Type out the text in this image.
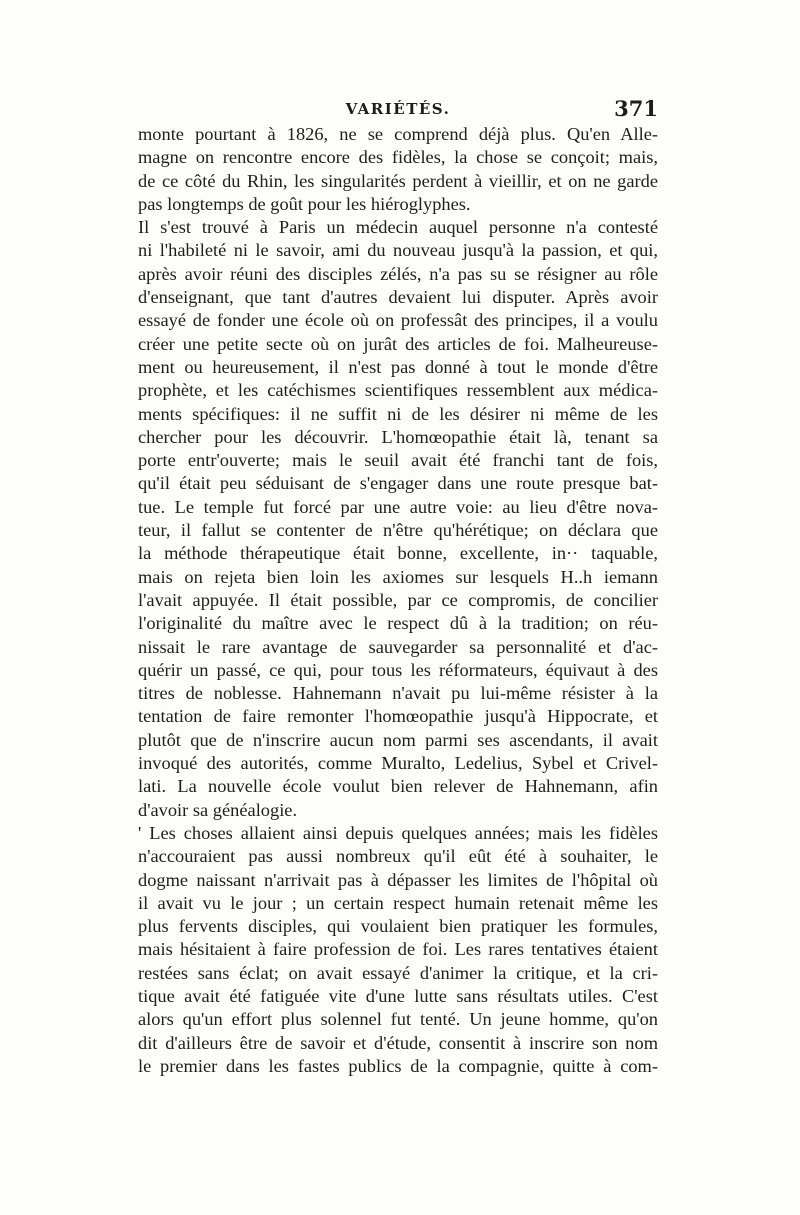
VARIÉTÉS.	371
monte pourtant à 1826, ne se comprend déjà plus. Qu'en Alle-
magne on rencontre encore des fidèles, la chose se conçoit; mais,
de ce côté du Rhin, les singularités perdent à vieillir, et on ne garde
pas longtemps de goût pour les hiéroglyphes.
Il s'est trouvé à Paris un médecin auquel personne n'a contesté
ni l'habileté ni le savoir, ami du nouveau jusqu'à la passion, et qui,
après avoir réuni des disciples zélés, n'a pas su se résigner au rôle
d'enseignant, que tant d'autres devaient lui disputer. Après avoir
essayé de fonder une école où on professât des principes, il a voulu
créer une petite secte où on jurât des articles de foi. Malheureuse-
ment ou heureusement, il n'est pas donné à tout le monde d'être
prophète, et les catéchismes scientifiques ressemblent aux médica-
ments spécifiques: il ne suffit ni de les désirer ni même de les
chercher pour les découvrir. L'homœopathie était là, tenant sa
porte entr'ouverte; mais le seuil avait été franchi tant de fois,
qu'il était peu séduisant de s'engager dans une route presque bat-
tue. Le temple fut forcé par une autre voie: au lieu d'être nova-
teur, il fallut se contenter de n'être qu'hérétique; on déclara que
la méthode thérapeutique était bonne, excellente, in·· taquable,
mais on rejeta bien loin les axiomes sur lesquels H..h iemann
l'avait appuyée. Il était possible, par ce compromis, de concilier
l'originalité du maître avec le respect dû à la tradition; on réu-
nissait le rare avantage de sauvegarder sa personnalité et d'ac-
quérir un passé, ce qui, pour tous les réformateurs, équivaut à des
titres de noblesse. Hahnemann n'avait pu lui-même résister à la
tentation de faire remonter l'homœopathie jusqu'à Hippocrate, et
plutôt que de n'inscrire aucun nom parmi ses ascendants, il avait
invoqué des autorités, comme Muralto, Ledelius, Sybel et Crivel-
lati. La nouvelle école voulut bien relever de Hahnemann, afin
d'avoir sa généalogie.
' Les choses allaient ainsi depuis quelques années; mais les fidèles
n'accouraient pas aussi nombreux qu'il eût été à souhaiter, le
dogme naissant n'arrivait pas à dépasser les limites de l'hôpital où
il avait vu le jour ; un certain respect humain retenait même les
plus fervents disciples, qui voulaient bien pratiquer les formules,
mais hésitaient à faire profession de foi. Les rares tentatives étaient
restées sans éclat; on avait essayé d'animer la critique, et la cri-
tique avait été fatiguée vite d'une lutte sans résultats utiles. C'est
alors qu'un effort plus solennel fut tenté. Un jeune homme, qu'on
dit d'ailleurs être de savoir et d'étude, consentit à inscrire son nom
le premier dans les fastes publics de la compagnie, quitte à com-
